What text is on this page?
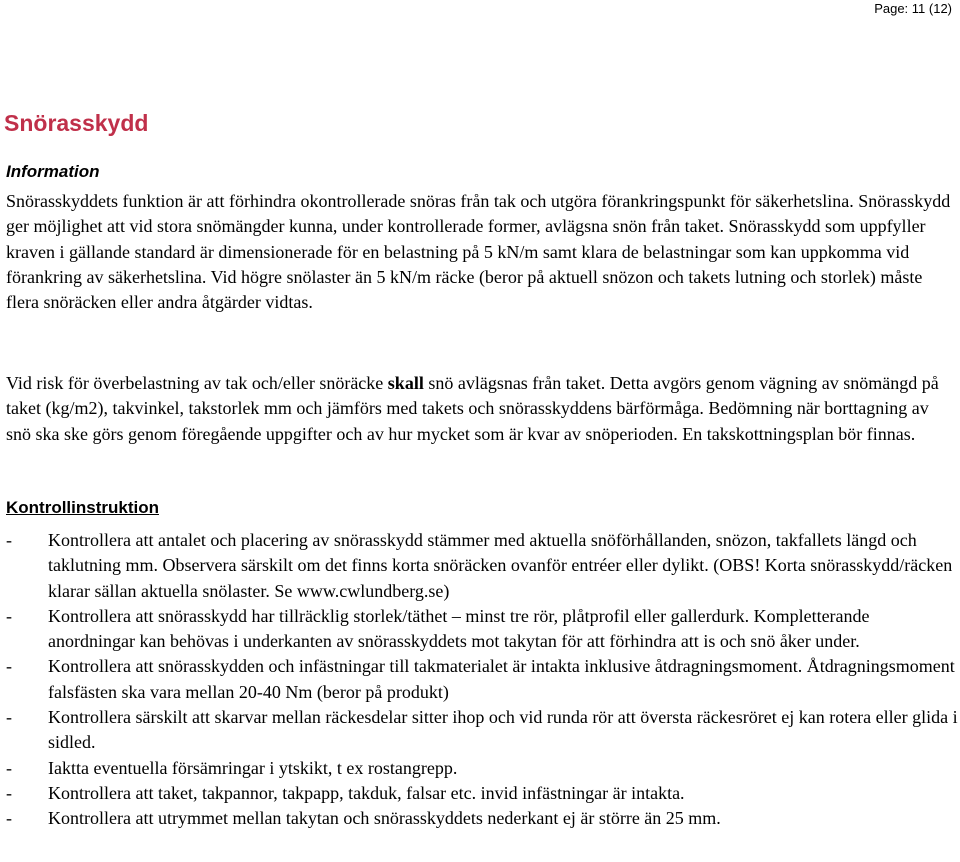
Page: 11 (12)
Snörasskydd
Information

Snörasskyddets funktion är att förhindra okontrollerade snöras från tak och utgöra förankringspunkt för säkerhetslina. Snörasskydd ger möjlighet att vid stora snömängder kunna, under kontrollerade former, avlägsna snön från taket. Snörasskydd som uppfyller kraven i gällande standard är dimensionerade för en belastning på 5 kN/m samt klara de belastningar som kan uppkomma vid förankring av säkerhetslina. Vid högre snölaster än 5 kN/m räcke (beror på aktuell snözon och takets lutning och storlek) måste flera snöräcken eller andra åtgärder vidtas.

Vid risk för överbelastning av tak och/eller snöräcke skall snö avlägsnas från taket. Detta avgörs genom vägning av snömängd på taket (kg/m2), takvinkel, takstorlek mm och jämförs med takets och snörasskyddens bärförmåga. Bedömning när borttagning av snö ska ske görs genom föregående uppgifter och av hur mycket som är kvar av snöperioden. En takskottningsplan bör finnas.

Kontrollinstruktion
- Kontrollera att antalet och placering av snörasskydd stämmer med aktuella snöförhållanden, snözon, takfallets längd och taklutning mm. Observera särskilt om det finns korta snöräcken ovanför entréer eller dylikt. (OBS! Korta snörasskydd/räcken klarar sällan aktuella snölaster. Se www.cwlundberg.se)
- Kontrollera att snörasskydd har tillräcklig storlek/täthet – minst tre rör, plåtprofil eller gallerdurk. Kompletterande anordningar kan behövas i underkanten av snörasskyddets mot takytan för att förhindra att is och snö åker under.
- Kontrollera att snörasskydden och infästningar till takmaterialet är intakta inklusive åtdragningsmoment. Åtdragningsmoment falsfästen ska vara mellan 20-40 Nm (beror på produkt)
- Kontrollera särskilt att skarvar mellan räckesdelar sitter ihop och vid runda rör att översta räckesröret ej kan rotera eller glida i sidled.
- Iaktta eventuella försämringar i ytskikt, t ex rostangrepp.
- Kontrollera att taket, takpannor, takpapp, takduk, falsar etc. invid infästningar är intakta.
- Kontrollera att utrymmet mellan takytan och snörasskyddets nederkant ej är större än 25 mm.
